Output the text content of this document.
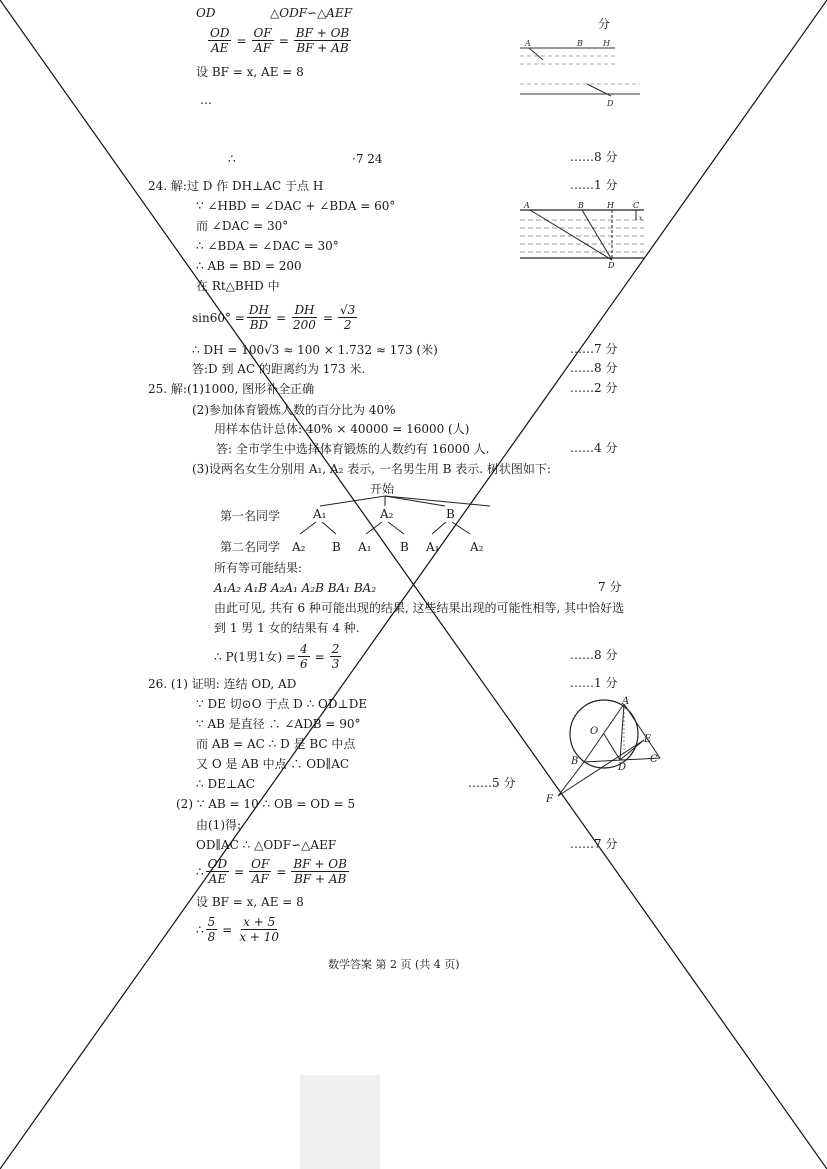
OD	△ODF∽△AEF
分
$\frac{OD}{AE} = \frac{OF}{AF} = \frac{BF + OB}{BF + AB}$
设 BF = x, AE = 8
…
∴	·7 24	……8 分
A	B	H
D
24. 解:过 D 作 DH⊥AC 于点 H	……1 分
∵ ∠HBD = ∠DAC + ∠BDA = 60°
而 ∠DAC = 30°
∴ ∠BDA = ∠DAC = 30°
∴ AB = BD = 200
在 Rt△BHD 中
$\sin 60^\circ = \frac{DH}{BD} = \frac{DH}{200} = \frac{√3}{2}$
∴ DH = 100√3 ≈ 100 × 1.732 ≈ 173 (米)	……7 分
答:D 到 AC 的距离约为 173 米.	……8 分
A	B	H C
x
D
25. 解:(1)1000, 图形补全正确	……2 分
(2)参加体育锻炼人数的百分比为 40%
用样本估计总体: 40% × 40000 = 16000 (人)
答: 全市学生中选择体育锻炼的人数约有 16000 人.	……4 分
(3)设两名女生分别用 A₁, A₂ 表示, 一名男生用 B 表示. 树状图如下:
开始
第一名同学
第二名同学
A₁	A₂	B
A₂ B A₁ B A₁	A₂
所有等可能结果:
A₁A₂ A₁B A₂A₁ A₂B BA₁ BA₂	7 分
由此可见, 共有 6 种可能出现的结果, 这些结果出现的可能性相等, 其中恰好选
到 1 男 1 女的结果有 4 种.
∴ P(1男1女) = $\frac{4}{6} = \frac{2}{3}$	……8 分
26. (1) 证明: 连结 OD, AD	……1 分
∵ DE 切⊙O 于点 D ∴ OD⊥DE
∵ AB 是直径 ∴ ∠ADB = 90°
而 AB = AC ∴ D 是 BC 中点
又 O 是 AB 中点 ∴ OD∥AC
∴ DE⊥AC	……5 分
(2) ∵ AB = 10 ∴ OB = OD = 5
由(1)得:
OD∥AC ∴ △ODF∽△AEF	……7 分
∴ $\frac{OD}{AE} = \frac{OF}{AF} = \frac{BF + OB}{BF + AB}$
设 BF = x, AE = 8
∴ $\frac{5}{8} = \frac{x + 5}{x + 10}$
A
O
E
B
D
C
F
数学答案 第 2 页 (共 4 页)
